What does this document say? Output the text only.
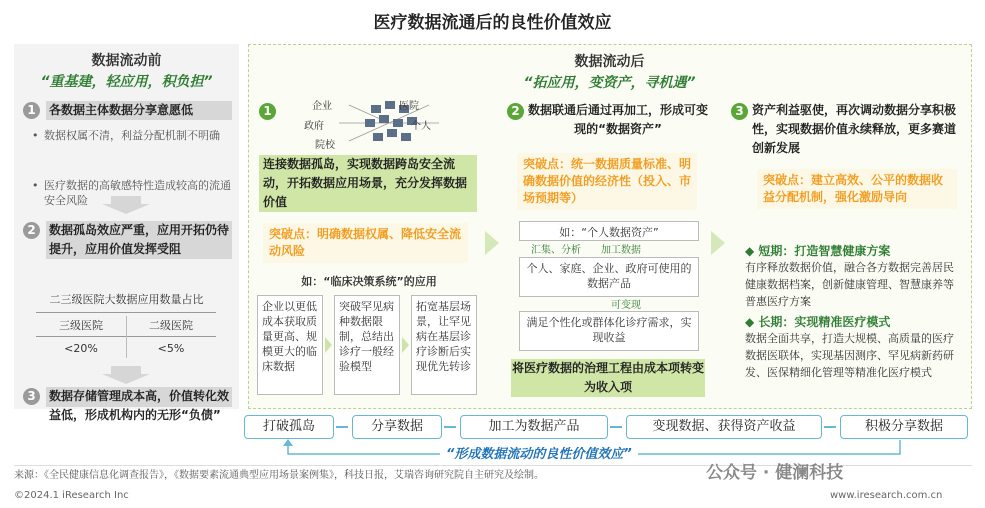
医疗数据流通后的良性价值效应
数据流动前
“重基建，轻应用，积负担”
1	各数据主体数据分享意愿低
• 数据权属不清，利益分配机制不明确
• 医疗数据的高敏感特性造成较高的流通安全风险
2	数据孤岛效应严重，应用开拓仍待提升，应用价值发挥受阻
二三级医院大数据应用数量占比
三级医院	二级医院
<20%	<5%
3	数据存储管理成本高，价值转化效益低，形成机构内的无形“负债”
数据流动后
“拓应用，变资产，寻机遇”
1	企业	医院
政府	个人
院校
连接数据孤岛，实现数据跨岛安全流动，开拓数据应用场景，充分发挥数据价值
突破点：明确数据权属、降低安全流动风险
如：“临床决策系统”的应用
企业以更低成本获取质量更高、规模更大的临床数据
突破罕见病种数据限制，总结出诊疗一般经验模型
拓宽基层场景，让罕见病在基层诊疗诊断后实现优先转诊
2 数据联通后通过再加工，形成可变现的“数据资产”
突破点：统一数据质量标准、明确数据价值的经济性（投入、市场预期等）
如：“个人数据资产”
汇集、分析 加工数据
个人、家庭、企业、政府可使用的数据产品
可变现
满足个性化或群体化诊疗需求，实现收益
将医疗数据的治理工程由成本项转变为收入项
3 资产利益驱使，再次调动数据分享积极性，实现数据价值永续释放，更多赛道创新发展
突破点：建立高效、公平的数据收益分配机制，强化激励导向
◆ 短期：打造智慧健康方案
有序释放数据价值，融合各方数据完善居民健康数据档案，创新健康管理、智慧康养等普惠医疗方案
◆ 长期：实现精准医疗模式
数据全面共享，打造大规模、高质量的医疗数据医联体，实现基因测序、罕见病新药研发、医保精细化管理等精准化医疗模式
打破孤岛	分享数据	加工为数据产品	变现数据、获得资产收益	积极分享数据
“形成数据流动的良性价值效应”
来源：《全民健康信息化调查报告》，《数据要素流通典型应用场景案例集》，科技日报，艾瑞咨询研究院自主研究及绘制。	公众号 · 健澜科技
©2024.1 iResearch Inc	www.iresearch.com.cn
